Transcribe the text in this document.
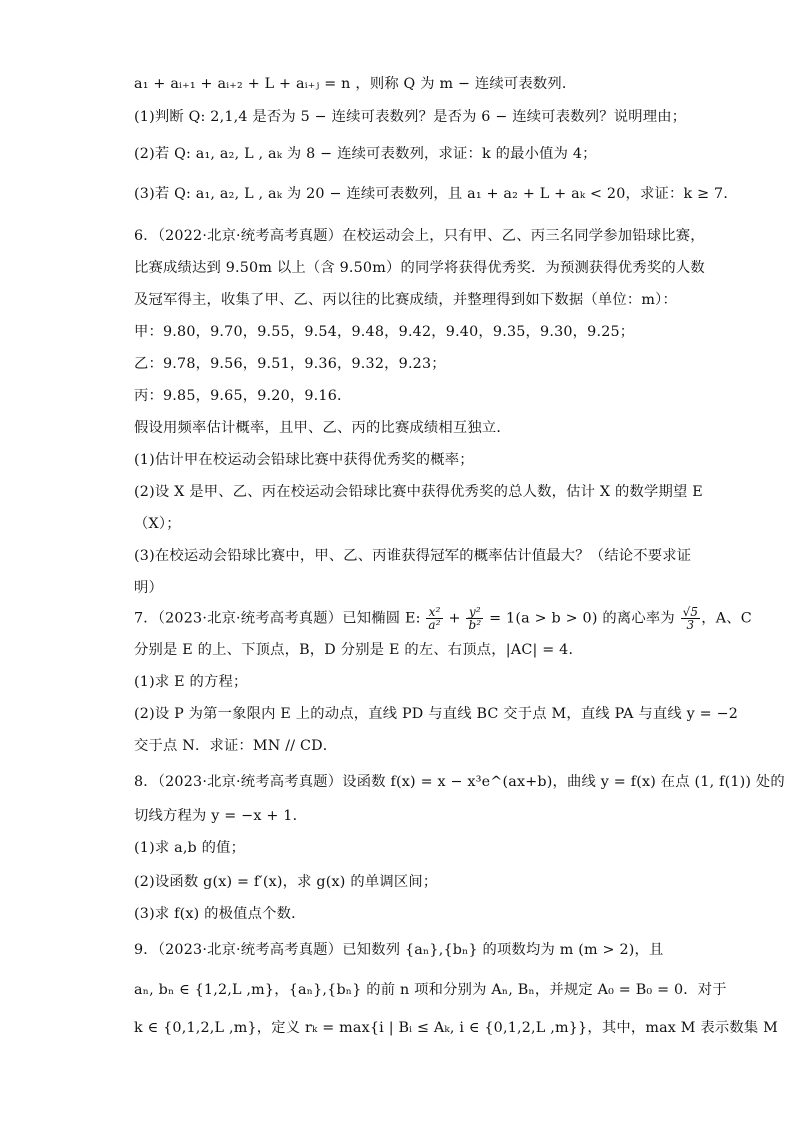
a₁ + aᵢ₊₁ + aᵢ₊₂ + L + aᵢ₊ⱼ = n ，则称 Q 为 m − 连续可表数列．
(1)判断 Q: 2,1,4 是否为 5 − 连续可表数列？是否为 6 − 连续可表数列？说明理由；
(2)若 Q: a₁, a₂, L , aₖ 为 8 − 连续可表数列，求证：k 的最小值为 4；
(3)若 Q: a₁, a₂, L , aₖ 为 20 − 连续可表数列，且 a₁ + a₂ + L + aₖ < 20，求证：k ≥ 7．
6．（2022·北京·统考高考真题）在校运动会上，只有甲、乙、丙三名同学参加铅球比赛，
比赛成绩达到 9.50m 以上（含 9.50m）的同学将获得优秀奖．为预测获得优秀奖的人数
及冠军得主，收集了甲、乙、丙以往的比赛成绩，并整理得到如下数据（单位：m）：
甲：9.80，9.70，9.55，9.54，9.48，9.42，9.40，9.35，9.30，9.25；
乙：9.78，9.56，9.51，9.36，9.32，9.23；
丙：9.85，9.65，9.20，9.16．
假设用频率估计概率，且甲、乙、丙的比赛成绩相互独立．
(1)估计甲在校运动会铅球比赛中获得优秀奖的概率；
(2)设 X 是甲、乙、丙在校运动会铅球比赛中获得优秀奖的总人数，估计 X 的数学期望 E
（X）；
(3)在校运动会铅球比赛中，甲、乙、丙谁获得冠军的概率估计值最大？（结论不要求证
明）
7．（2023·北京·统考高考真题）已知椭圆 E: $\frac{\text{x²}}{\text{a²}} + \frac{\text{y²}}{\text{b²}} = 1(a > b > 0)$ 的离心率为 $\frac{√5}{3}$ ，A、C
分别是 E 的上、下顶点，B，D 分别是 E 的左、右顶点，|AC| = 4．
(1)求 E 的方程；
(2)设 P 为第一象限内 E 上的动点，直线 PD 与直线 BC 交于点 M，直线 PA 与直线 y = −2
交于点 N．求证：MN // CD．
8．（2023·北京·统考高考真题）设函数 f(x) = x − x³e^(ax+b)，曲线 y = f(x) 在点 (1, f(1)) 处的
切线方程为 y = −x + 1．
(1)求 a,b 的值；
(2)设函数 g(x) = f′(x)，求 g(x) 的单调区间；
(3)求 f(x) 的极值点个数．
9．（2023·北京·统考高考真题）已知数列 {aₙ},{bₙ} 的项数均为 m (m > 2)，且
aₙ, bₙ ∈ {1,2,L ,m}，{aₙ},{bₙ} 的前 n 项和分别为 Aₙ, Bₙ，并规定 A₀ = B₀ = 0．对于
k ∈ {0,1,2,L ,m}，定义 rₖ = max{i | Bᵢ ≤ Aₖ, i ∈ {0,1,2,L ,m}}，其中，max M 表示数集 M
